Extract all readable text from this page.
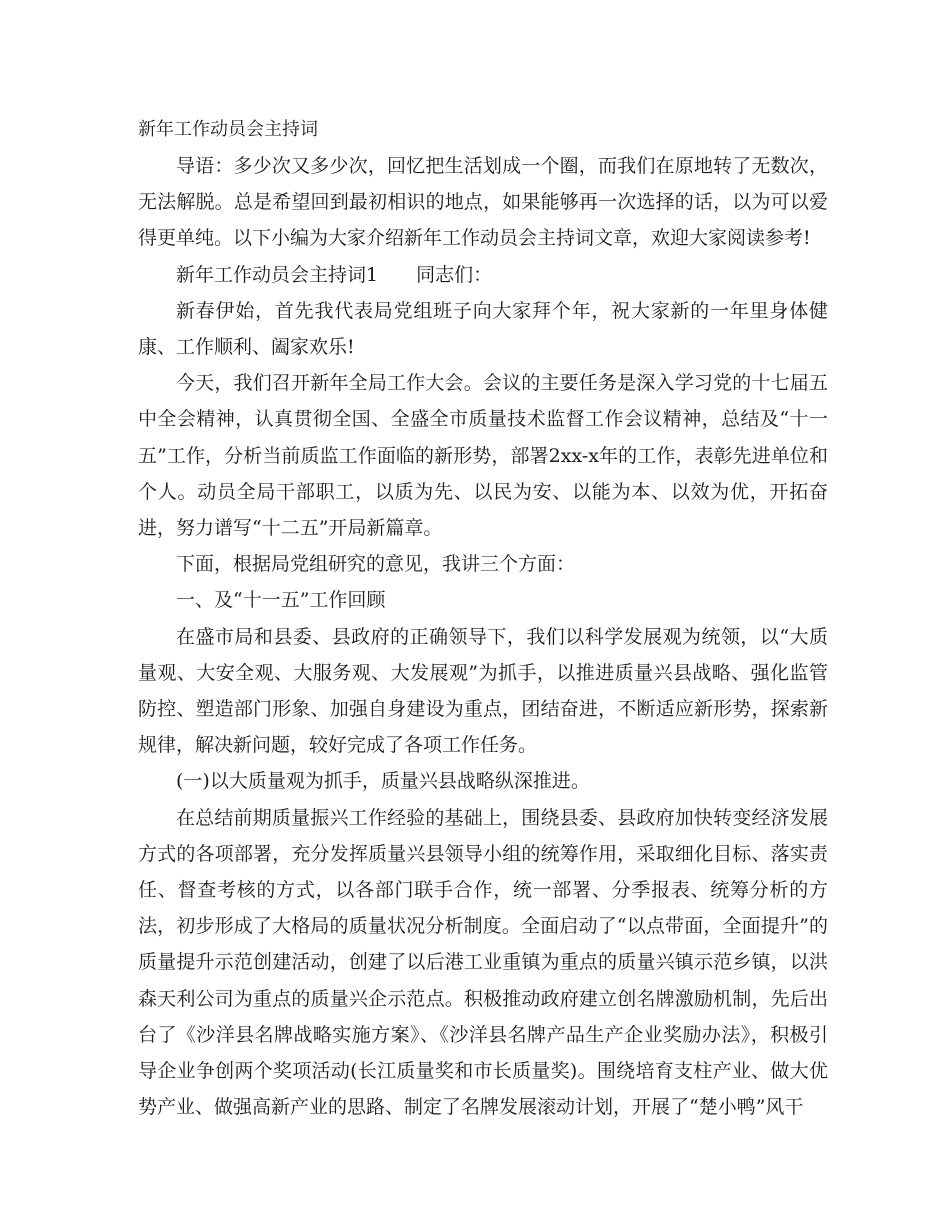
新年工作动员会主持词

导语：多少次又多少次，回忆把生活划成一个圈，而我们在原地转了无数次，无法解脱。总是希望回到最初相识的地点，如果能够再一次选择的话，以为可以爱得更单纯。以下小编为大家介绍新年工作动员会主持词文章，欢迎大家阅读参考!

新年工作动员会主持词1　　同志们：

新春伊始，首先我代表局党组班子向大家拜个年，祝大家新的一年里身体健康、工作顺利、阖家欢乐!

今天，我们召开新年全局工作大会。会议的主要任务是深入学习党的十七届五中全会精神，认真贯彻全国、全盛全市质量技术监督工作会议精神，总结及“十一五”工作，分析当前质监工作面临的新形势，部署2xx-x年的工作，表彰先进单位和个人。动员全局干部职工，以质为先、以民为安、以能为本、以效为优，开拓奋进，努力谱写“十二五”开局新篇章。

下面，根据局党组研究的意见，我讲三个方面：

一、及“十一五”工作回顾

在盛市局和县委、县政府的正确领导下，我们以科学发展观为统领，以“大质量观、大安全观、大服务观、大发展观”为抓手，以推进质量兴县战略、强化监管防控、塑造部门形象、加强自身建设为重点，团结奋进，不断适应新形势，探索新规律，解决新问题，较好完成了各项工作任务。

(一)以大质量观为抓手，质量兴县战略纵深推进。

在总结前期质量振兴工作经验的基础上，围绕县委、县政府加快转变经济发展方式的各项部署，充分发挥质量兴县领导小组的统筹作用，采取细化目标、落实责任、督查考核的方式，以各部门联手合作，统一部署、分季报表、统筹分析的方法，初步形成了大格局的质量状况分析制度。全面启动了“以点带面，全面提升”的质量提升示范创建活动，创建了以后港工业重镇为重点的质量兴镇示范乡镇，以洪森天利公司为重点的质量兴企示范点。积极推动政府建立创名牌激励机制，先后出台了《沙洋县名牌战略实施方案》、《沙洋县名牌产品生产企业奖励办法》，积极引导企业争创两个奖项活动(长江质量奖和市长质量奖)。围绕培育支柱产业、做大优势产业、做强高新产业的思路、制定了名牌发展滚动计划，开展了“楚小鸭”风干
